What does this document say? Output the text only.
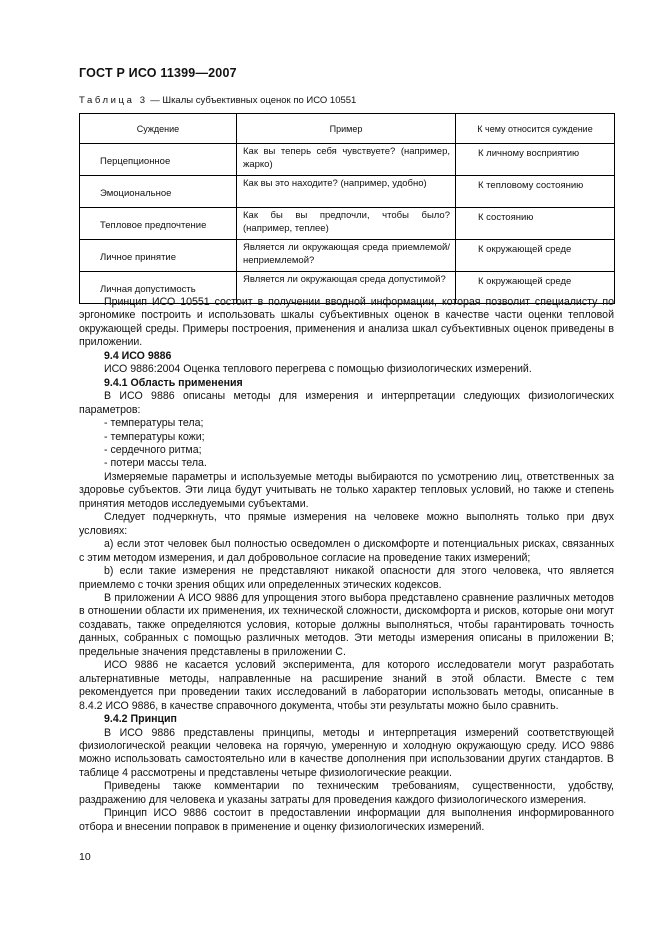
ГОСТ Р ИСО 11399—2007
Таблица 3 — Шкалы субъективных оценок по ИСО 10551
Суждение	Пример	К чему относится суждение
Перцепционное	Как вы теперь себя чувствуете? (например, жарко)	К личному восприятию
Эмоциональное	Как вы это находите? (например, удобно)	К тепловому состоянию
Тепловое предпочтение	Как бы вы предпочли, чтобы было? (например, теплее)	К состоянию
Личное принятие	Является ли окружающая среда приемлемой/неприемлемой?	К окружающей среде
Личная допустимость	Является ли окружающая среда допустимой?	К окружающей среде

Принцип ИСО 10551 состоит в получении вводной информации, которая позволит специалисту по эргономике построить и использовать шкалы субъективных оценок в качестве части оценки тепловой окружающей среды. Примеры построения, применения и анализа шкал субъективных оценок приведены в приложении.

9.4 ИСО 9886

ИСО 9886:2004 Оценка теплового перегрева с помощью физиологических измерений.

9.4.1 Область применения

В ИСО 9886 описаны методы для измерения и интерпретации следующих физиологических параметров:

- температуры тела;

- температуры кожи;

- сердечного ритма;

- потери массы тела.

Измеряемые параметры и используемые методы выбираются по усмотрению лиц, ответственных за здоровье субъектов. Эти лица будут учитывать не только характер тепловых условий, но также и степень принятия методов исследуемыми субъектами.

Следует подчеркнуть, что прямые измерения на человеке можно выполнять только при двух условиях:

а) если этот человек был полностью осведомлен о дискомфорте и потенциальных рисках, связанных с этим методом измерения, и дал добровольное согласие на проведение таких измерений;

b) если такие измерения не представляют никакой опасности для этого человека, что является приемлемо с точки зрения общих или определенных этических кодексов.

В приложении А ИСО 9886 для упрощения этого выбора представлено сравнение различных методов в отношении области их применения, их технической сложности, дискомфорта и рисков, которые они могут создавать, также определяются условия, которые должны выполняться, чтобы гарантировать точность данных, собранных с помощью различных методов. Эти методы измерения описаны в приложении В; предельные значения представлены в приложении С.

ИСО 9886 не касается условий эксперимента, для которого исследователи могут разработать альтернативные методы, направленные на расширение знаний в этой области. Вместе с тем рекомендуется при проведении таких исследований в лаборатории использовать методы, описанные в 8.4.2 ИСО 9886, в качестве справочного документа, чтобы эти результаты можно было сравнить.

9.4.2 Принцип

В ИСО 9886 представлены принципы, методы и интерпретация измерений соответствующей физиологической реакции человека на горячую, умеренную и холодную окружающую среду. ИСО 9886 можно использовать самостоятельно или в качестве дополнения при использовании других стандартов. В таблице 4 рассмотрены и представлены четыре физиологические реакции.

Приведены также комментарии по техническим требованиям, существенности, удобству, раздражению для человека и указаны затраты для проведения каждого физиологического измерения.

Принцип ИСО 9886 состоит в предоставлении информации для выполнения информированного отбора и внесении поправок в применение и оценку физиологических измерений.

10
